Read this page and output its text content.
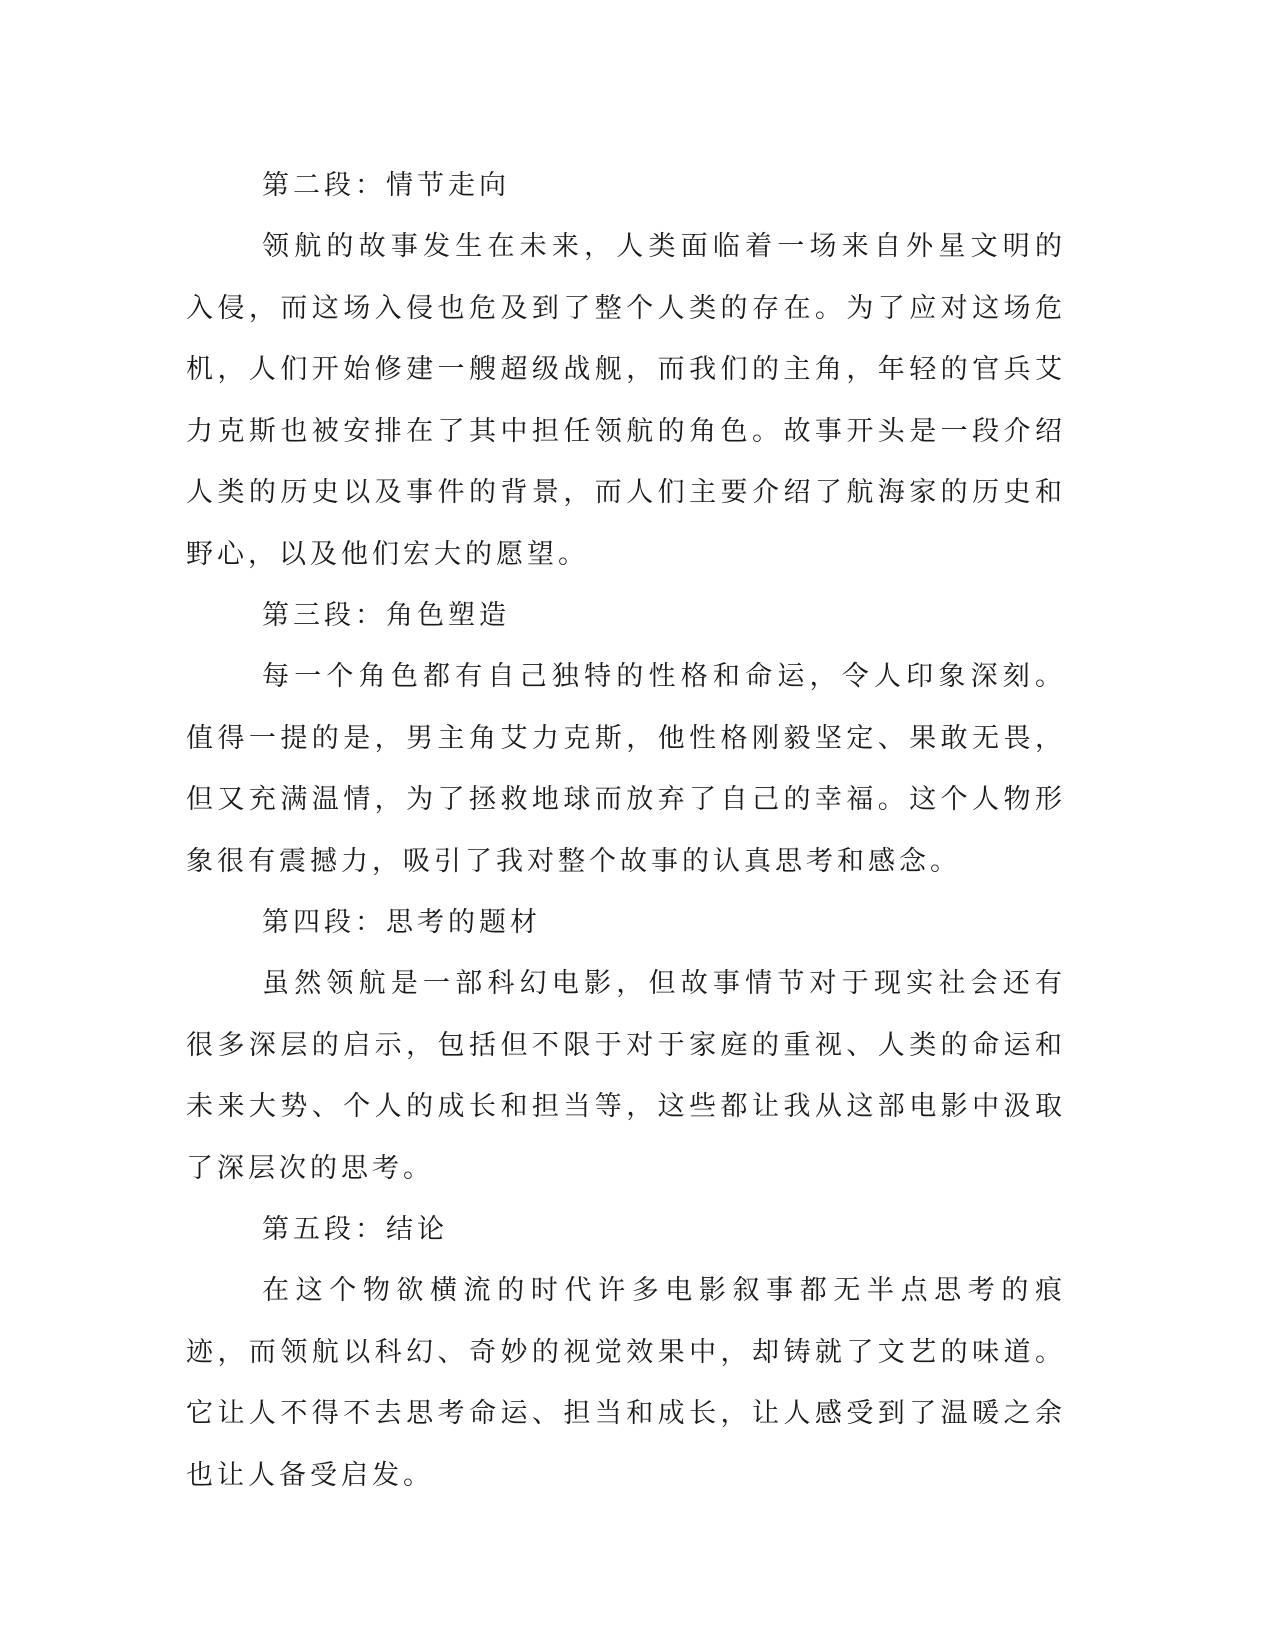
第二段：情节走向

领航的故事发生在未来，人类面临着一场来自外星文明的入侵，而这场入侵也危及到了整个人类的存在。为了应对这场危机，人们开始修建一艘超级战舰，而我们的主角，年轻的官兵艾力克斯也被安排在了其中担任领航的角色。故事开头是一段介绍人类的历史以及事件的背景，而人们主要介绍了航海家的历史和野心，以及他们宏大的愿望。

第三段：角色塑造

每一个角色都有自己独特的性格和命运，令人印象深刻。值得一提的是，男主角艾力克斯，他性格刚毅坚定、果敢无畏，但又充满温情，为了拯救地球而放弃了自己的幸福。这个人物形象很有震撼力，吸引了我对整个故事的认真思考和感念。

第四段：思考的题材

虽然领航是一部科幻电影，但故事情节对于现实社会还有很多深层的启示，包括但不限于对于家庭的重视、人类的命运和未来大势、个人的成长和担当等，这些都让我从这部电影中汲取了深层次的思考。

第五段：结论

在这个物欲横流的时代许多电影叙事都无半点思考的痕迹，而领航以科幻、奇妙的视觉效果中，却铸就了文艺的味道。它让人不得不去思考命运、担当和成长，让人感受到了温暖之余也让人备受启发。
